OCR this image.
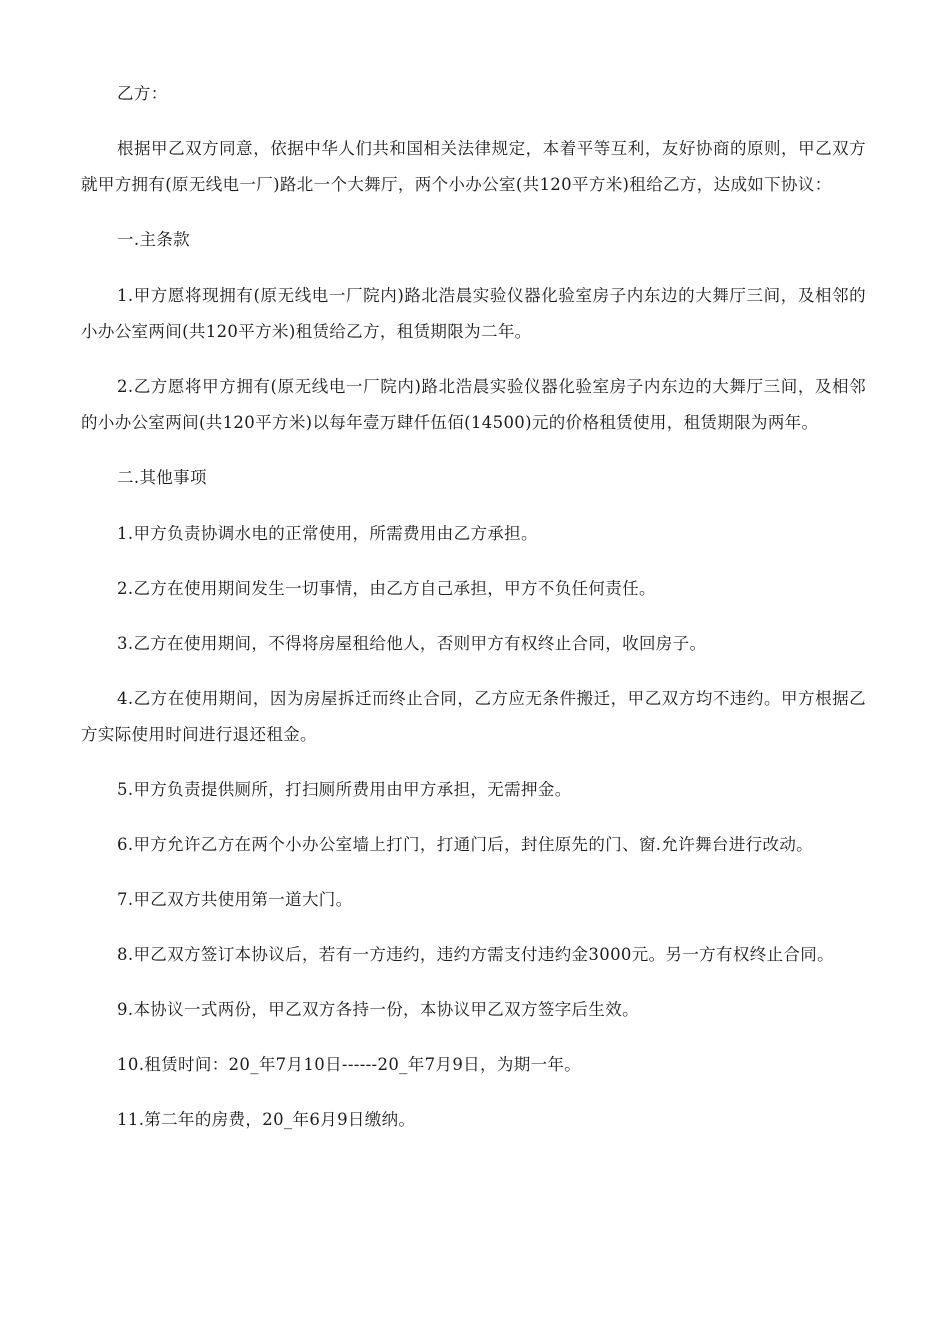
乙方：

根据甲乙双方同意，依据中华人们共和国相关法律规定，本着平等互利，友好协商的原则，甲乙双方就甲方拥有(原无线电一厂)路北一个大舞厅，两个小办公室(共120平方米)租给乙方，达成如下协议：

一.主条款

1.甲方愿将现拥有(原无线电一厂院内)路北浩晨实验仪器化验室房子内东边的大舞厅三间，及相邻的小办公室两间(共120平方米)租赁给乙方，租赁期限为二年。

2.乙方愿将甲方拥有(原无线电一厂院内)路北浩晨实验仪器化验室房子内东边的大舞厅三间，及相邻的小办公室两间(共120平方米)以每年壹万肆仟伍佰(14500)元的价格租赁使用，租赁期限为两年。

二.其他事项

1.甲方负责协调水电的正常使用，所需费用由乙方承担。

2.乙方在使用期间发生一切事情，由乙方自己承担，甲方不负任何责任。

3.乙方在使用期间，不得将房屋租给他人，否则甲方有权终止合同，收回房子。

4.乙方在使用期间，因为房屋拆迁而终止合同，乙方应无条件搬迁，甲乙双方均不违约。甲方根据乙方实际使用时间进行退还租金。

5.甲方负责提供厕所，打扫厕所费用由甲方承担，无需押金。

6.甲方允许乙方在两个小办公室墙上打门，打通门后，封住原先的门、窗.允许舞台进行改动。

7.甲乙双方共使用第一道大门。

8.甲乙双方签订本协议后，若有一方违约，违约方需支付违约金3000元。另一方有权终止合同。

9.本协议一式两份，甲乙双方各持一份，本协议甲乙双方签字后生效。

10.租赁时间：20_年7月10日------20_年7月9日，为期一年。

11.第二年的房费，20_年6月9日缴纳。
